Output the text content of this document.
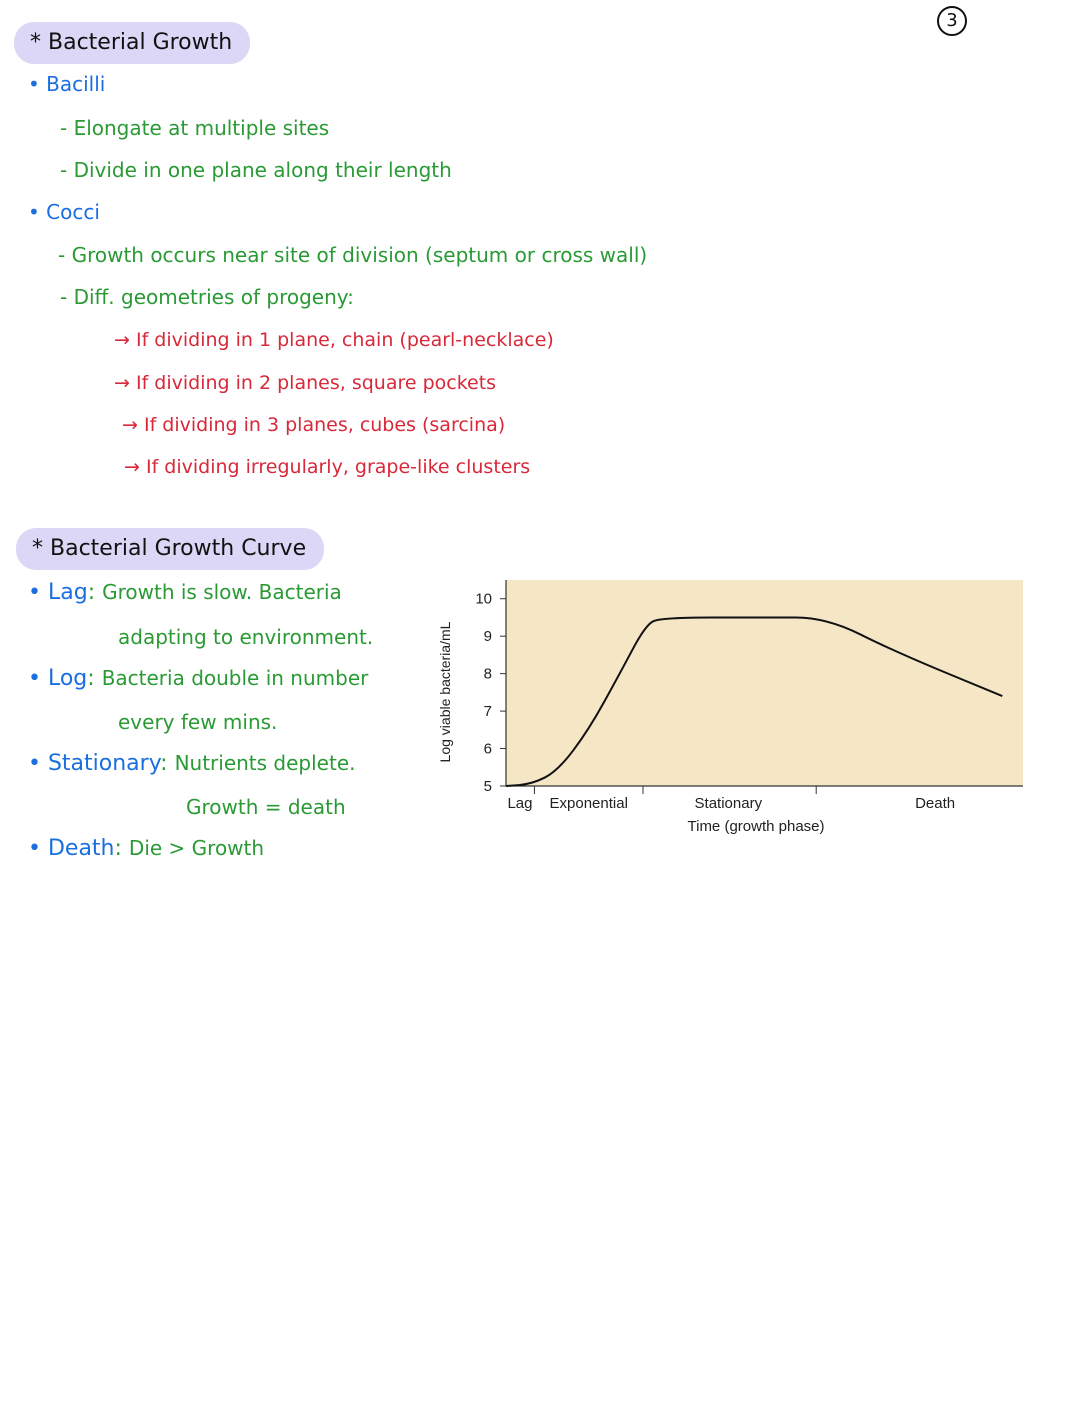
3
* Bacterial Growth
• Bacilli
- Elongate at multiple sites
- Divide in one plane along their length
• Cocci
- Growth occurs near site of division (septum or cross wall)
- Diff. geometries of progeny:
→ If dividing in 1 plane, chain (pearl-necklace)
→ If dividing in 2 planes, square pockets
→ If dividing in 3 planes, cubes (sarcina)
→ If dividing irregularly, grape-like clusters
* Bacterial Growth Curve
• Lag: Growth is slow. Bacteria
adapting to environment.
• Log: Bacteria double in number
every few mins.
• Stationary: Nutrients deplete.
Growth = death
• Death: Die > Growth
5
6
7
8
9
10
Lag Exponential	Stationary	Death
Log viable bacteria/mL
Time (growth phase)
